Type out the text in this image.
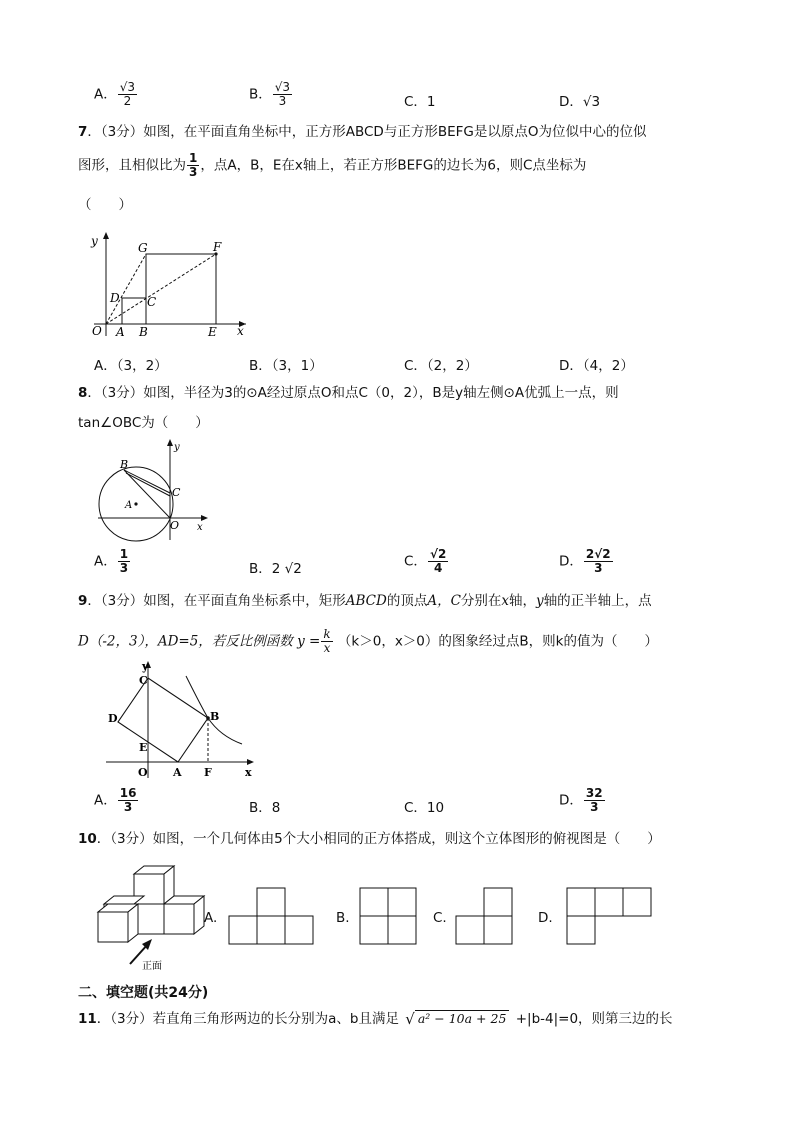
A． $\frac{√3}{2}$	B． $\frac{√3}{3}$	C．1	D．√3
7．（3分）如图，在平面直角坐标中，正方形ABCD与正方形BEFG是以原点O为位似中心的位似
图形，且相似比为 $\frac{1}{3}$ ，点A，B，E在x轴上，若正方形BEFG的边长为6，则C点坐标为
（　　）
y
x
O A B	E
D C
G	F
A．（3，2）	B．（3，1）	C．（2，2）	D．（4，2）
8．（3分）如图，半径为3的⊙A经过原点O和点C（0，2），B是y轴左侧⊙A优弧上一点，则
tan∠OBC为（　　）
B
C
A
O
y
x
A． $\frac{1}{3}$	B．2 √2	C． $\frac{√2}{4}$	D． $\frac{2√2}{3}$
9．（3分）如图，在平面直角坐标系中，矩形ABCD的顶点A，C分别在x轴，y轴的正半轴上，点
D（-2，3），AD=5，若反比例函数 $y = \frac{k}{x} (k>0$，x＞0）的图象经过点B，则k的值为（　　）
y
C
D	B
E
O A F	x
A． $\frac{16}{3}$	B．8	C．10	D． $\frac{32}{3}$
10．（3分）如图，一个几何体由5个大小相同的正方体搭成，则这个立体图形的俯视图是（　　）
正面
A.	B.	C.	D.
二、填空题(共24分)
11．（3分）若直角三角形两边的长分别为a、b且满足 √ a² − 10a + 25 +|b-4|=0，则第三边的长
